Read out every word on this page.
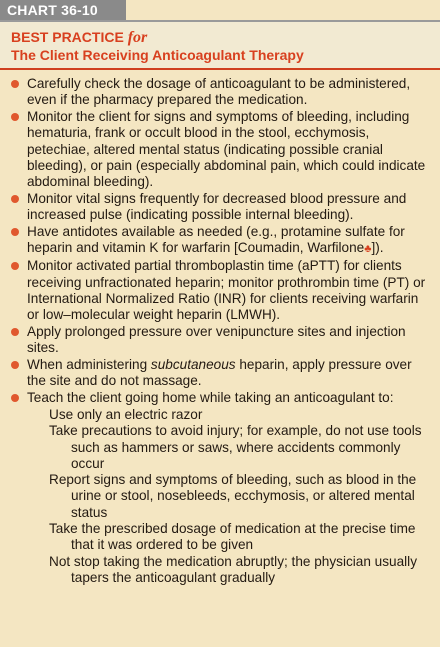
CHART 36-10
BEST PRACTICE for
The Client Receiving Anticoagulant Therapy
Carefully check the dosage of anticoagulant to be administered, even if the pharmacy prepared the medication.
Monitor the client for signs and symptoms of bleeding, including hematuria, frank or occult blood in the stool, ecchymosis, petechiae, altered mental status (indicating possible cranial bleeding), or pain (especially abdominal pain, which could indicate abdominal bleeding).
Monitor vital signs frequently for decreased blood pressure and increased pulse (indicating possible internal bleeding).
Have antidotes available as needed (e.g., protamine sulfate for heparin and vitamin K for warfarin [Coumadin, Warfilone♣]).
Monitor activated partial thromboplastin time (aPTT) for clients receiving unfractionated heparin; monitor prothrombin time (PT) or International Normalized Ratio (INR) for clients receiving warfarin or low–molecular weight heparin (LMWH).
Apply prolonged pressure over venipuncture sites and injection sites.
When administering subcutaneous heparin, apply pressure over the site and do not massage.
Teach the client going home while taking an anticoagulant to:
Use only an electric razor
Take precautions to avoid injury; for example, do not use tools such as hammers or saws, where accidents commonly occur
Report signs and symptoms of bleeding, such as blood in the urine or stool, nosebleeds, ecchymosis, or altered mental status
Take the prescribed dosage of medication at the precise time that it was ordered to be given
Not stop taking the medication abruptly; the physician usually tapers the anticoagulant gradually
